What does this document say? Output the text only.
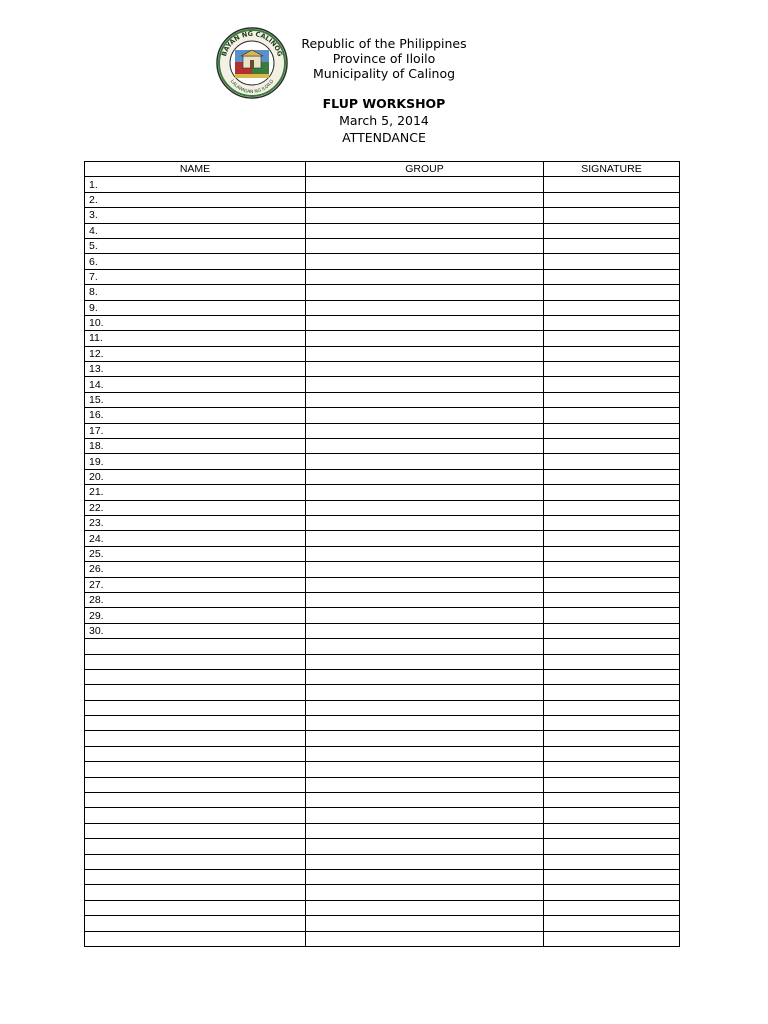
BAYAN NG CALINOG
LALAWIGAN NG ILOILO
Republic of the Philippines
Province of Iloilo
Municipality of Calinog
FLUP WORKSHOP
March 5, 2014
ATTENDANCE
NAME	GROUP	SIGNATURE
1.		
2.		
3.		
4.		
5.		
6.		
7.		
8.		
9.		
10.		
11.		
12.		
13.		
14.		
15.		
16.		
17.		
18.		
19.		
20.		
21.		
22.		
23.		
24.		
25.		
26.		
27.		
28.		
29.		
30.		
